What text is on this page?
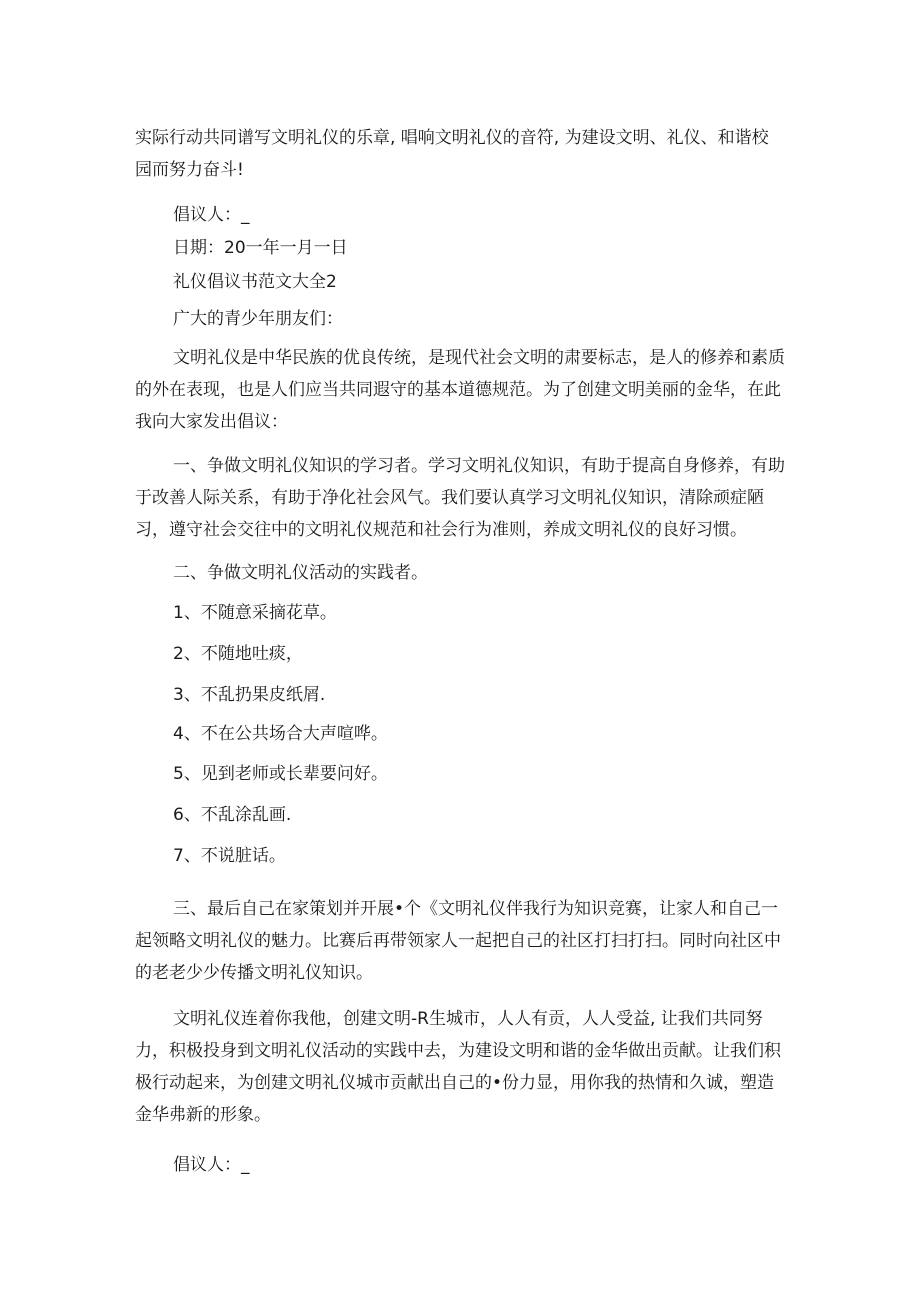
实际行动共同谱写文明礼仪的乐章, 唱响文明礼仪的音符, 为建设文明、礼仪、和谐校园而努力奋斗!

倡议人：_

日期：20一年一月一日

礼仪倡议书范文大全2

广大的青少年朋友们：

文明礼仪是中华民族的优良传统，是现代社会文明的肃要标志，是人的修养和素质的外在表现，也是人们应当共同遐守的基本道德规范。为了创建文明美丽的金华，在此我向大家发出倡议：

一、争做文明礼仪知识的学习者。学习文明礼仪知识，有助于提高自身修养，有助于改善人际关系，有助于净化社会风气。我们要认真学习文明礼仪知识，清除顽症陋习，遵守社会交往中的文明礼仪规范和社会行为准则，养成文明礼仪的良好习惯。

二、争做文明礼仪活动的实践者。

1、不随意采摘花草。

2、不随地吐痰，

3、不乱扔果皮纸屑.

4、不在公共场合大声喧哗。

5、见到老师或长辈要问好。

6、不乱涂乱画.

7、不说脏话。

三、最后自己在家策划并开展•个《文明礼仪伴我行为知识竞赛，让家人和自己一起领略文明礼仪的魅力。比赛后再带领家人一起把自己的社区打扫打扫。同时向社区中的老老少少传播文明礼仪知识。

文明礼仪连着你我他，创建文明-R生城市，人人有贡，人人受益, 让我们共同努力，积极投身到文明礼仪活动的实践中去，为建设文明和谐的金华做出贡献。让我们积极行动起来，为创建文明礼仪城市贡献出自己的•份力显，用你我的热情和久诚，塑造金华弗新的形象。

倡议人：_
